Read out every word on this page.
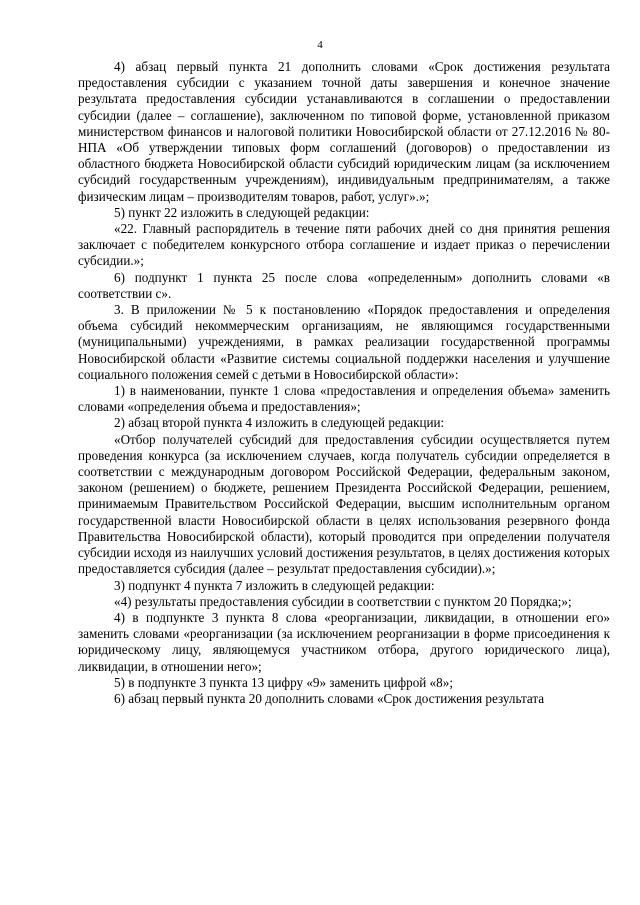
4

4) абзац первый пункта 21 дополнить словами «Срок достижения результата предоставления субсидии с указанием точной даты завершения и конечное значение результата предоставления субсидии устанавливаются в соглашении о предоставлении субсидии (далее – соглашение), заключенном по типовой форме, установленной приказом министерством финансов и налоговой политики Новосибирской области от 27.12.2016 № 80-НПА «Об утверждении типовых форм соглашений (договоров) о предоставлении из областного бюджета Новосибирской области субсидий юридическим лицам (за исключением субсидий государственным учреждениям), индивидуальным предпринимателям, а также физическим лицам – производителям товаров, работ, услуг».»;

5) пункт 22 изложить в следующей редакции:

«22. Главный распорядитель в течение пяти рабочих дней со дня принятия решения заключает с победителем конкурсного отбора соглашение и издает приказ о перечислении субсидии.»;

6) подпункт 1 пункта 25 после слова «определенным» дополнить словами «в соответствии с».

3. В приложении № 5 к постановлению «Порядок предоставления и определения объема субсидий некоммерческим организациям, не являющимся государственными (муниципальными) учреждениями, в рамках реализации государственной программы Новосибирской области «Развитие системы социальной поддержки населения и улучшение социального положения семей с детьми в Новосибирской области»:

1) в наименовании, пункте 1 слова «предоставления и определения объема» заменить словами «определения объема и предоставления»;

2) абзац второй пункта 4 изложить в следующей редакции:

«Отбор получателей субсидий для предоставления субсидии осуществляется путем проведения конкурса (за исключением случаев, когда получатель субсидии определяется в соответствии с международным договором Российской Федерации, федеральным законом, законом (решением) о бюджете, решением Президента Российской Федерации, решением, принимаемым Правительством Российской Федерации, высшим исполнительным органом государственной власти Новосибирской области в целях использования резервного фонда Правительства Новосибирской области), который проводится при определении получателя субсидии исходя из наилучших условий достижения результатов, в целях достижения которых предоставляется субсидия (далее – результат предоставления субсидии).»;

3) подпункт 4 пункта 7 изложить в следующей редакции:

«4) результаты предоставления субсидии в соответствии с пунктом 20 Порядка;»;

4) в подпункте 3 пункта 8 слова «реорганизации, ликвидации, в отношении его» заменить словами «реорганизации (за исключением реорганизации в форме присоединения к юридическому лицу, являющемуся участником отбора, другого юридического лица), ликвидации, в отношении него»;

5) в подпункте 3 пункта 13 цифру «9» заменить цифрой «8»;

6) абзац первый пункта 20 дополнить словами «Срок достижения результата
